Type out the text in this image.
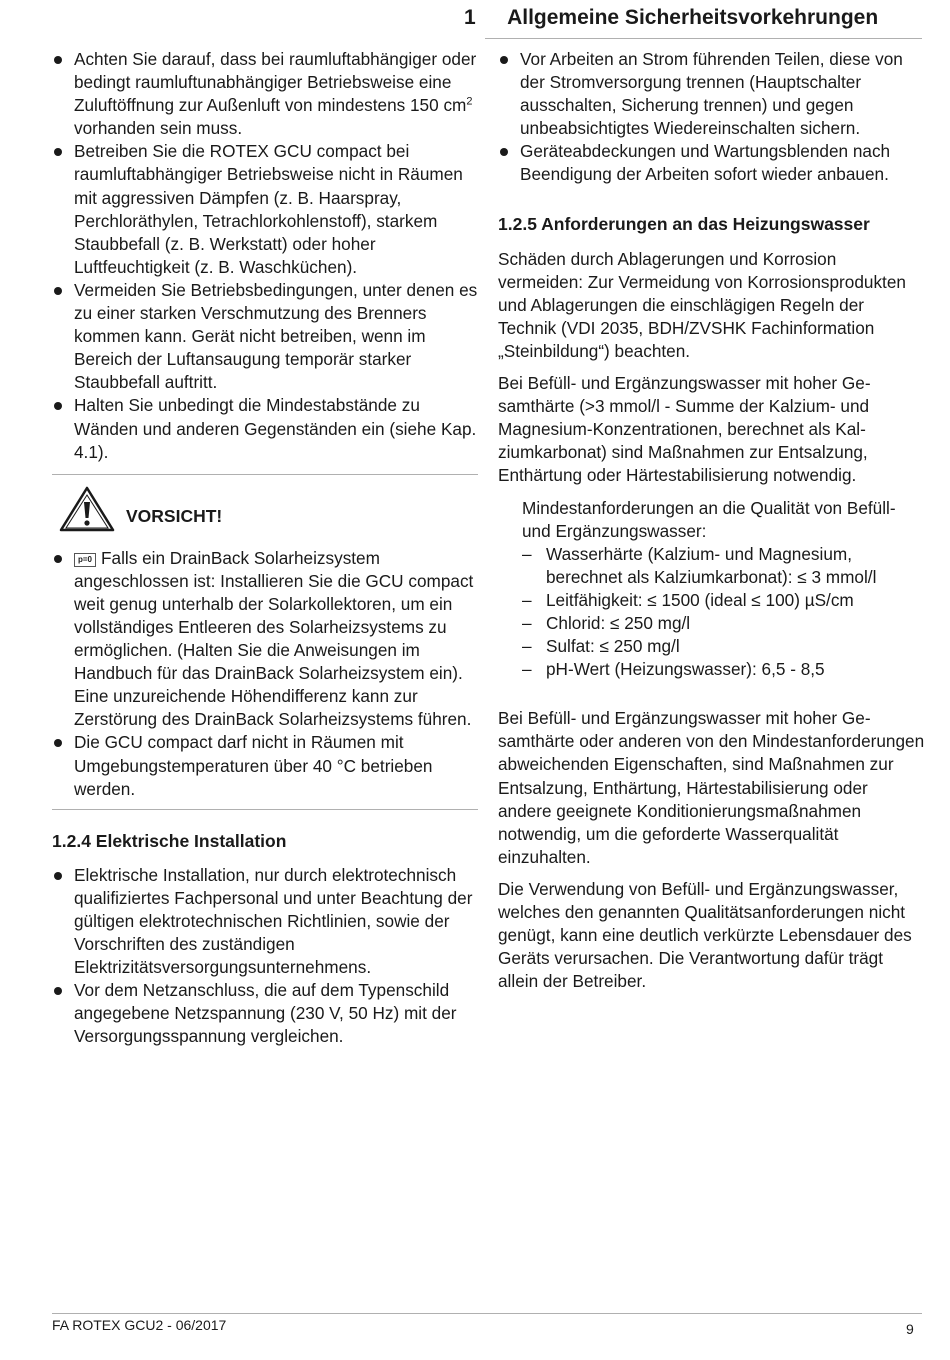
1 Allgemeine Sicherheitsvorkehrungen
Achten Sie darauf, dass bei raumluftabhängiger oder bedingt raumluftunabhängiger Betriebsweise eine Zuluftöffnung zur Außenluft von mindestens 150 $cm^2$ vorhanden sein muss.
Betreiben Sie die ROTEX GCU compact bei raumluftabhängiger Betriebsweise nicht in Räumen mit aggressiven Dämpfen (z. B. Haarspray, Perchloräthylen, Tetrachlorkohlenstoff), starkem Staubbefall (z. B. Werkstatt) oder hoher Luftfeuchtigkeit (z. B. Waschküchen).
Vermeiden Sie Betriebsbedingungen, unter denen es zu einer starken Verschmutzung des Brenners kommen kann. Gerät nicht betreiben, wenn im Bereich der Luftansaugung temporär starker Staubbefall auftritt.
Halten Sie unbedingt die Mindestabstände zu Wänden und anderen Gegenständen ein (siehe Kap. 4.1).
VORSICHT!
p=0 Falls ein DrainBack Solarheizsystem angeschlossen ist: Installieren Sie die GCU compact weit genug unterhalb der Solarkollektoren, um ein vollständiges Entleeren des Solarheizsystems zu ermöglichen. (Halten Sie die Anweisungen im Handbuch für das DrainBack Solarheizsystem ein). Eine unzureichende Höhendifferenz kann zur Zerstörung des DrainBack Solarheizsystems führen.
Die GCU compact darf nicht in Räumen mit Umgebungstemperaturen über 40 °C betrieben werden.
1.2.4 Elektrische Installation
Elektrische Installation, nur durch elektrotechnisch qualifiziertes Fachpersonal und unter Beachtung der gültigen elektrotechnischen Richtlinien, sowie der Vorschriften des zuständigen Elektrizitätsversorgungsunternehmens.
Vor dem Netzanschluss, die auf dem Typenschild angegebene Netzspannung (230 V, 50 Hz) mit der Versorgungsspannung vergleichen.
Vor Arbeiten an Strom führenden Teilen, diese von der Stromversorgung trennen (Hauptschalter ausschalten, Sicherung trennen) und gegen unbeabsichtigtes Wiedereinschalten sichern.
Geräteabdeckungen und Wartungsblenden nach Beendigung der Arbeiten sofort wieder anbauen.
1.2.5 Anforderungen an das Heizungswasser

Schäden durch Ablagerungen und Korrosion vermeiden: Zur Vermeidung von Korrosionsprodukten und Ablagerungen die einschlägigen Regeln der Technik (VDI 2035, BDH/ZVSHK Fachinformation „Steinbildung“) beachten.

Bei Befüll- und Ergänzungswasser mit hoher Gesamthärte (>3 mmol/l - Summe der Kalzium- und Magnesium-Konzentrationen, berechnet als Kalziumkarbonat) sind Maßnahmen zur Entsalzung, Enthärtung oder Härtestabilisierung notwendig.

Mindestanforderungen an die Qualität von Befüll- und Ergänzungswasser:

– Wasserhärte (Kalzium- und Magnesium, berechnet als Kalziumkarbonat): ≤ 3 mmol/l
– Leitfähigkeit: ≤ 1500 (ideal ≤ 100) µS/cm
– Chlorid: ≤ 250 mg/l
– Sulfat: ≤ 250 mg/l
– pH-Wert (Heizungswasser): 6,5 - 8,5

Bei Befüll- und Ergänzungswasser mit hoher Gesamthärte oder anderen von den Mindestanforderungen abweichenden Eigenschaften, sind Maßnahmen zur Entsalzung, Enthärtung, Härtestabilisierung oder andere geeignete Konditionierungsmaßnahmen notwendig, um die geforderte Wasserqualität einzuhalten.

Die Verwendung von Befüll- und Ergänzungswasser, welches den genannten Qualitätsanforderungen nicht genügt, kann eine deutlich verkürzte Lebensdauer des Geräts verursachen. Die Verantwortung dafür trägt allein der Betreiber.

FA ROTEX GCU2 - 06/2017	9
